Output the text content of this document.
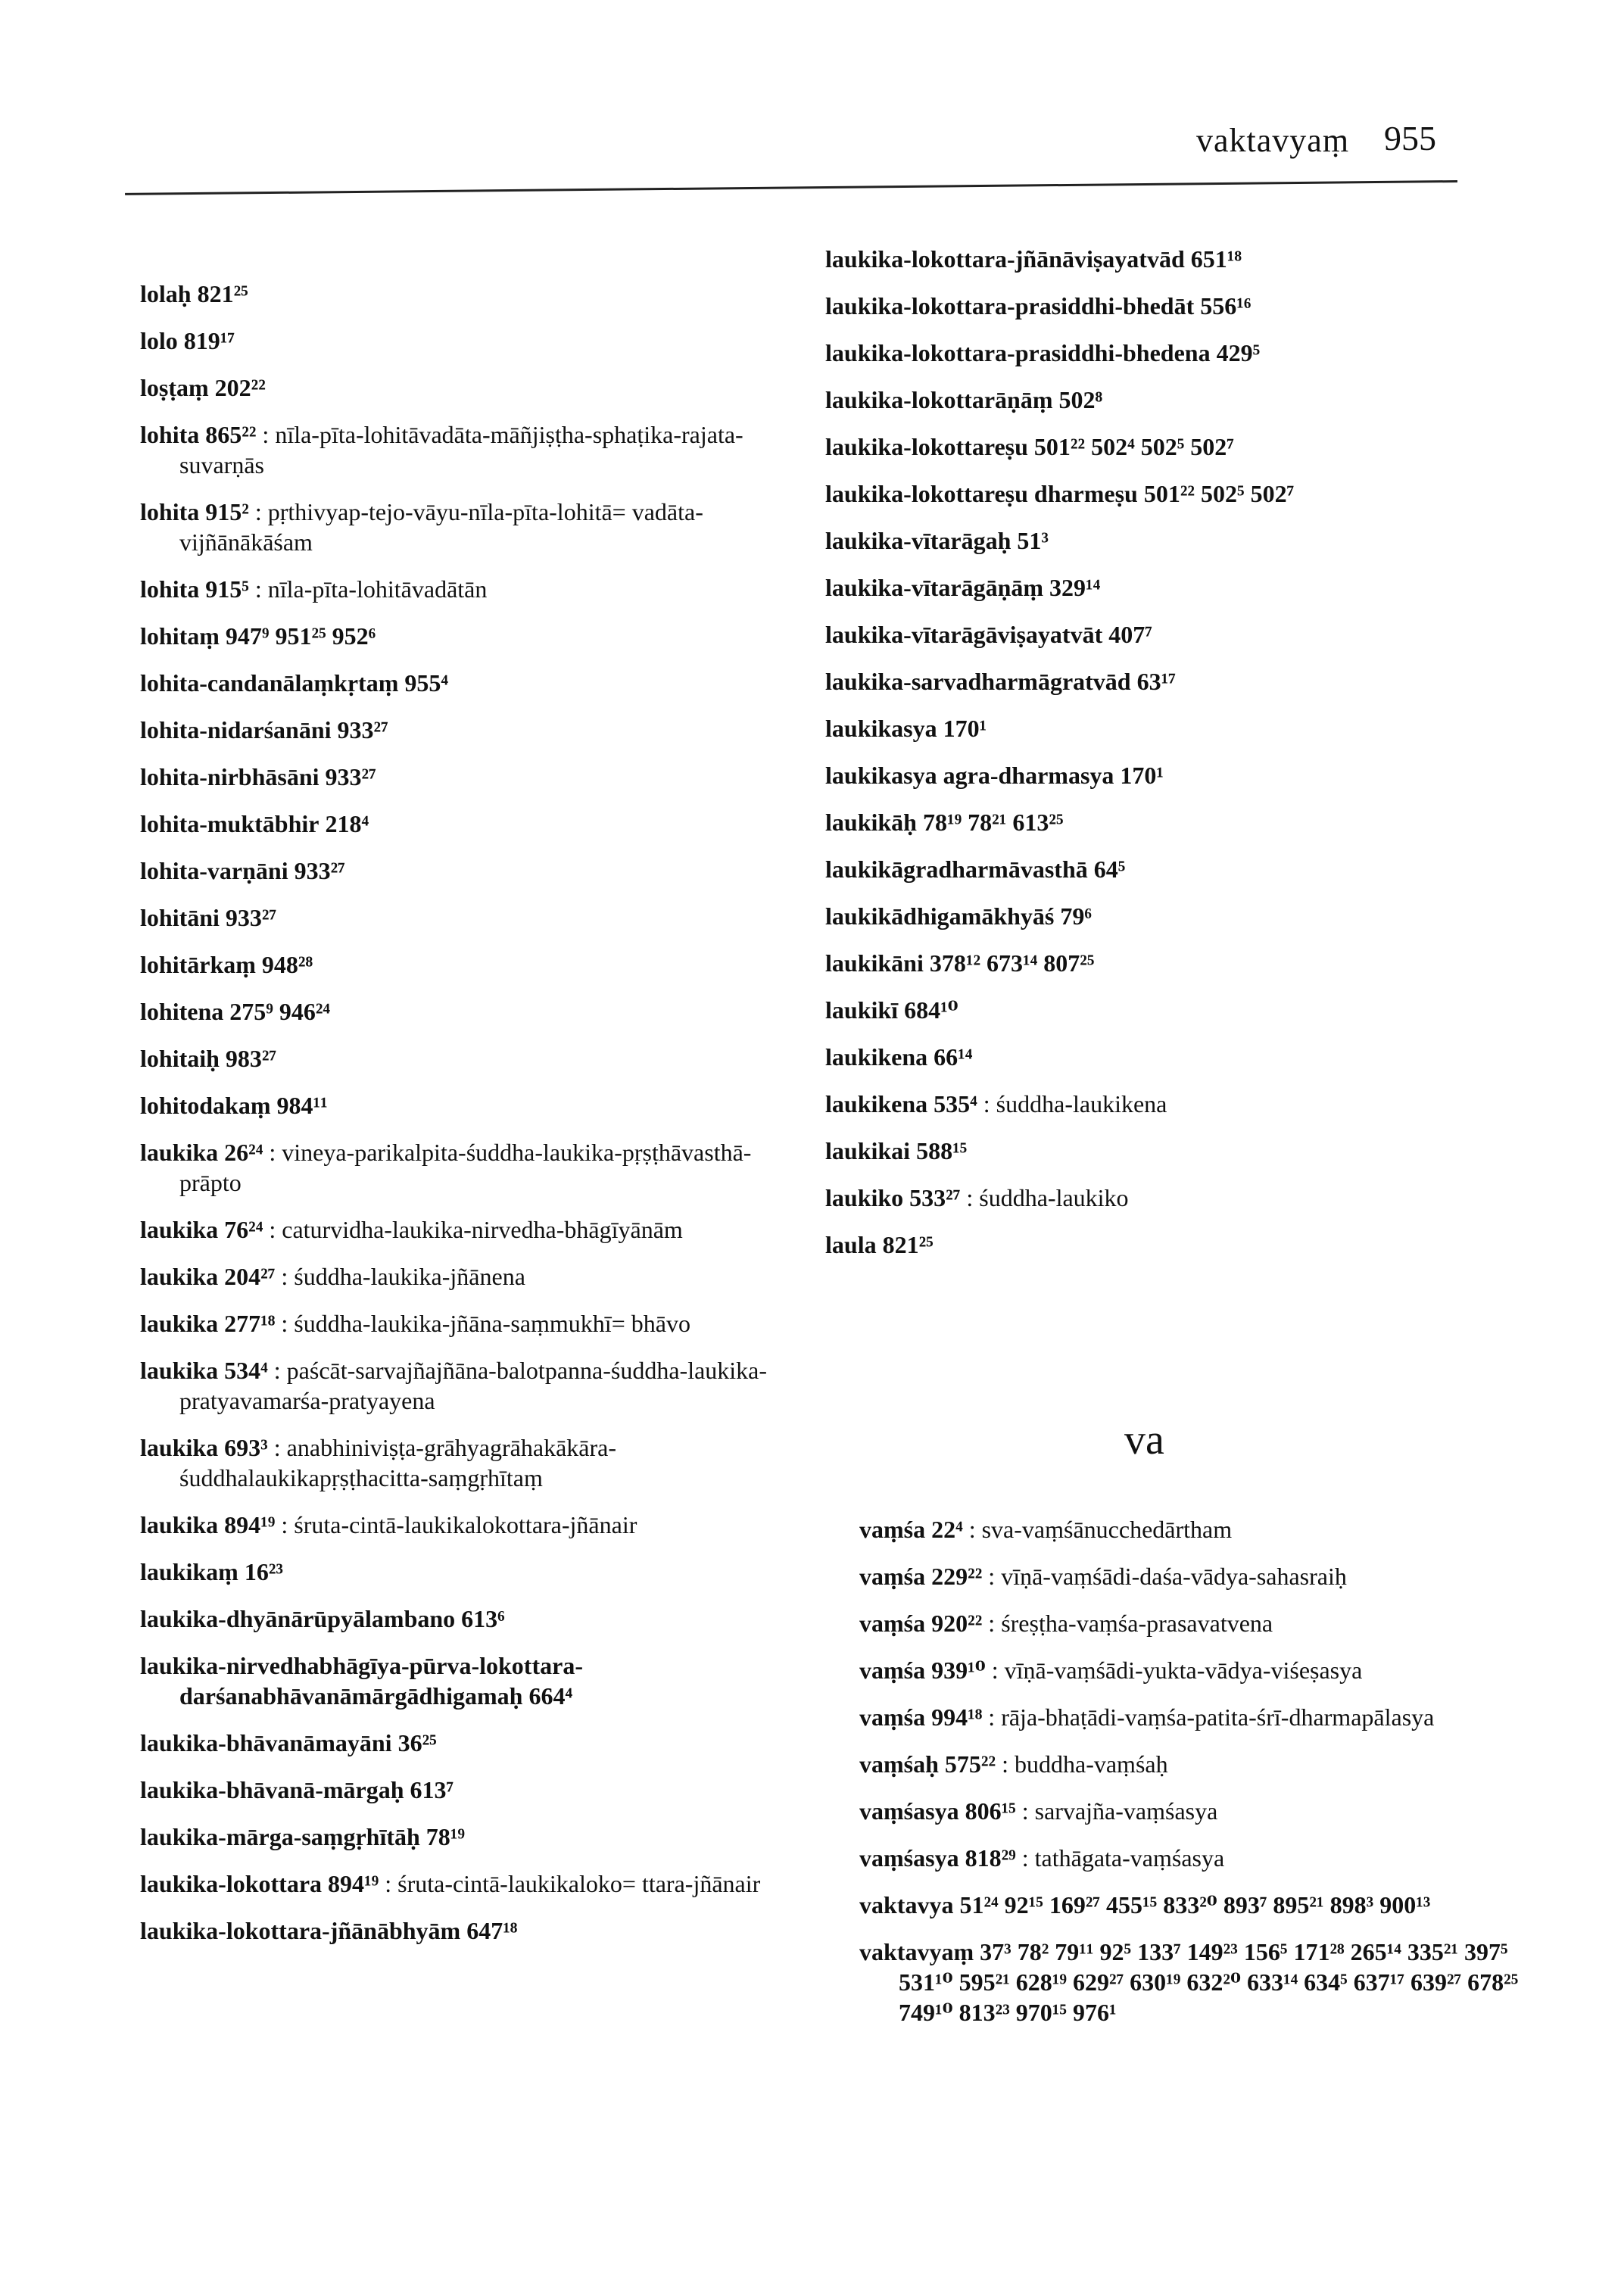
vaktavyaṃ 955
lolaḥ 821²⁵
lolo 819¹⁷
loṣṭaṃ 202²²
lohita 865²² : nīla-pīta-lohitāvadāta-māñjiṣṭha-sphaṭika-rajata-suvarṇās
lohita 915² : pṛthivyap-tejo-vāyu-nīla-pīta-lohitā= vadāta-vijñānākāśam
lohita 915⁵ : nīla-pīta-lohitāvadātān
lohitaṃ 947⁹ 951²⁵ 952⁶
lohita-candanālaṃkṛtaṃ 955⁴
lohita-nidarśanāni 933²⁷
lohita-nirbhāsāni 933²⁷
lohita-muktābhir 218⁴
lohita-varṇāni 933²⁷
lohitāni 933²⁷
lohitārkaṃ 948²⁸
lohitena 275⁹ 946²⁴
lohitaiḥ 983²⁷
lohitodakaṃ 984¹¹
laukika 26²⁴ : vineya-parikalpita-śuddha-laukika-pṛṣṭhāvasthā-prāpto
laukika 76²⁴ : caturvidha-laukika-nirvedha-bhāgīyānām
laukika 204²⁷ : śuddha-laukika-jñānena
laukika 277¹⁸ : śuddha-laukika-jñāna-saṃmukhī= bhāvo
laukika 534⁴ : paścāt-sarvajñajñāna-balotpanna-śuddha-laukika-pratyavamarśa-pratyayena
laukika 693³ : anabhiniviṣṭa-grāhyagrāhakākāra-śuddhalaukikapṛṣṭhacitta-saṃgṛhītaṃ
laukika 894¹⁹ : śruta-cintā-laukikalokottara-jñānair
laukikaṃ 16²³
laukika-dhyānārūpyālambano 613⁶
laukika-nirvedhabhāgīya-pūrva-lokottara-darśanabhāvanāmārgādhigamaḥ 664⁴
laukika-bhāvanāmayāni 36²⁵
laukika-bhāvanā-mārgaḥ 613⁷
laukika-mārga-saṃgṛhītāḥ 78¹⁹
laukika-lokottara 894¹⁹ : śruta-cintā-laukikaloko= ttara-jñānair
laukika-lokottara-jñānābhyām 647¹⁸
laukika-lokottara-jñānāviṣayatvād 651¹⁸
laukika-lokottara-prasiddhi-bhedāt 556¹⁶
laukika-lokottara-prasiddhi-bhedena 429⁵
laukika-lokottarāṇāṃ 502⁸
laukika-lokottareṣu 501²² 502⁴ 502⁵ 502⁷
laukika-lokottareṣu dharmeṣu 501²² 502⁵ 502⁷
laukika-vītarāgaḥ 51³
laukika-vītarāgāṇāṃ 329¹⁴
laukika-vītarāgāviṣayatvāt 407⁷
laukika-sarvadharmāgratvād 63¹⁷
laukikasya 170¹
laukikasya agra-dharmasya 170¹
laukikāḥ 78¹⁹ 78²¹ 613²⁵
laukikāgradharmāvasthā 64⁵
laukikādhigamākhyāś 79⁶
laukikāni 378¹² 673¹⁴ 807²⁵
laukikī 684¹⁰
laukikena 66¹⁴
laukikena 535⁴ : śuddha-laukikena
laukikai 588¹⁵
laukiko 533²⁷ : śuddha-laukiko
laula 821²⁵
va
vaṃśa 22⁴ : sva-vaṃśānucchedārtham
vaṃśa 229²² : vīṇā-vaṃśādi-daśa-vādya-sahasraiḥ
vaṃśa 920²² : śreṣṭha-vaṃśa-prasavatvena
vaṃśa 939¹⁰ : vīṇā-vaṃśādi-yukta-vādya-viśeṣasya
vaṃśa 994¹⁸ : rāja-bhaṭādi-vaṃśa-patita-śrī-dharmapālasya
vaṃśaḥ 575²² : buddha-vaṃśaḥ
vaṃśasya 806¹⁵ : sarvajña-vaṃśasya
vaṃśasya 818²⁹ : tathāgata-vaṃśasya
vaktavya 51²⁴ 92¹⁵ 169²⁷ 455¹⁵ 833²⁰ 893⁷ 895²¹ 898³ 900¹³
vaktavyaṃ 37³ 78² 79¹¹ 92⁵ 133⁷ 149²³ 156⁵ 171²⁸ 265¹⁴ 335²¹ 397⁵ 531¹⁰ 595²¹ 628¹⁹ 629²⁷ 630¹⁹ 632²⁰ 633¹⁴ 634⁵ 637¹⁷ 639²⁷ 678²⁵ 749¹⁰ 813²³ 970¹⁵ 976¹
